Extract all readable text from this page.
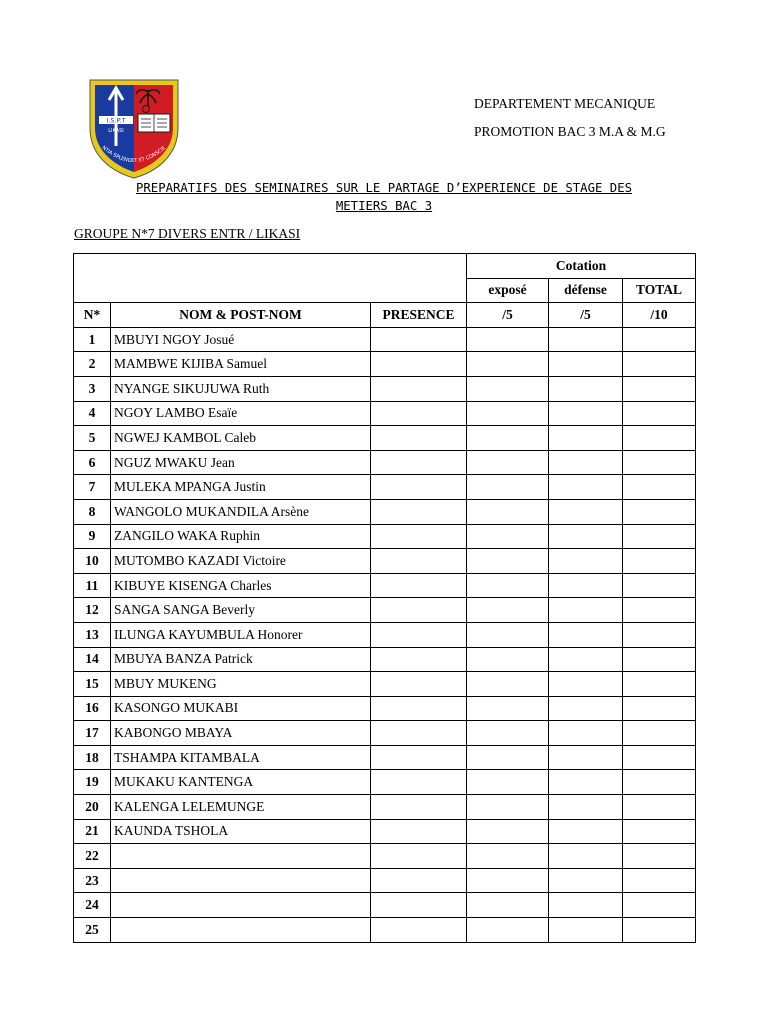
I.S.P.T
LIKASI
NTIA SPLENDET ET CONSCIE
DEPARTEMENT MECANIQUE
PROMOTION BAC 3 M.A & M.G
PREPARATIFS DES SEMINAIRES SUR LE PARTAGE D’EXPERIENCE DE STAGE DES
METIERS BAC 3
GROUPE N*7 DIVERS ENTR / LIKASI
			Cotation		
			exposé	défense	TOTAL
N*	NOM & POST-NOM	PRESENCE	/5	/5	/10
1	MBUYI NGOY Josué				
2	MAMBWE KIJIBA Samuel				
3	NYANGE SIKUJUWA Ruth				
4	NGOY LAMBO Esaïe				
5	NGWEJ KAMBOL Caleb				
6	NGUZ MWAKU Jean				
7	MULEKA MPANGA Justin				
8	WANGOLO MUKANDILA Arsène				
9	ZANGILO WAKA Ruphin				
10	MUTOMBO KAZADI Victoire				
11	KIBUYE KISENGA Charles				
12	SANGA SANGA Beverly				
13	ILUNGA KAYUMBULA Honorer				
14	MBUYA BANZA Patrick				
15	MBUY MUKENG				
16	KASONGO MUKABI				
17	KABONGO MBAYA				
18	TSHAMPA KITAMBALA				
19	MUKAKU KANTENGA				
20	KALENGA LELEMUNGE				
21	KAUNDA TSHOLA				
22					
23					
24					
25					
